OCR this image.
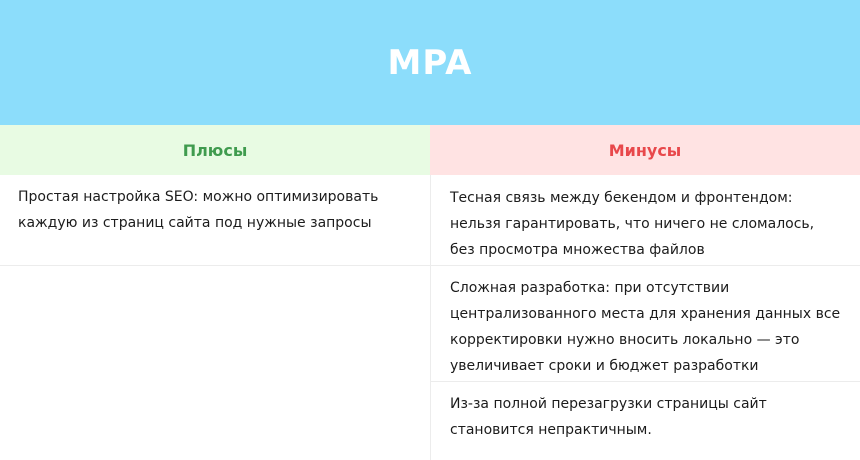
MPA
Плюсы	Минусы
Простая настройка SEO: можно оптимизировать каждую из страниц сайта под нужные запросы
Тесная связь между бекендом и фронтендом: нельзя гарантировать, что ничего не сломалось, без просмотра множества файлов
Сложная разработка: при отсутствии централизованного места для хранения данных все корректировки нужно вносить локально — это увеличивает сроки и бюджет разработки
Из-за полной перезагрузки страницы сайт становится непрактичным.
